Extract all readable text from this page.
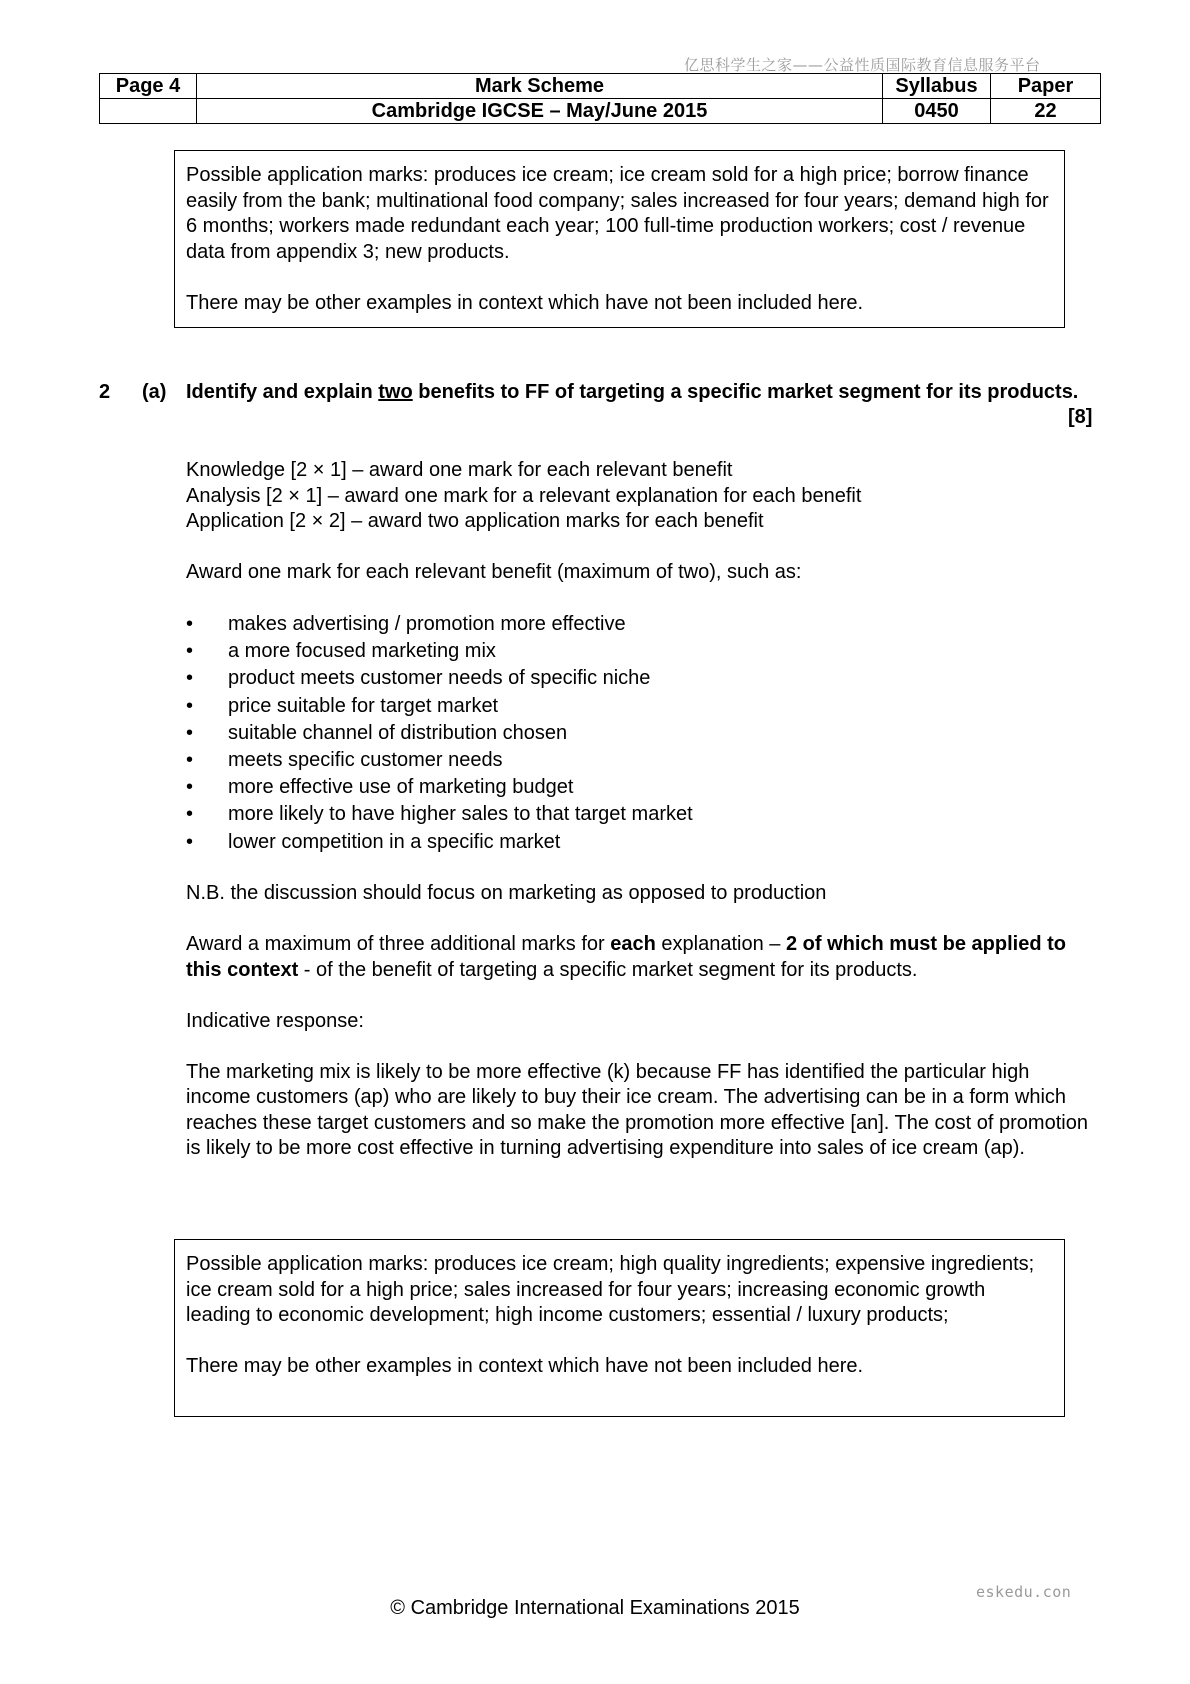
亿思科学生之家——公益性质国际教育信息服务平台
Page 4	Mark Scheme	Syllabus	Paper
	Cambridge IGCSE – May/June 2015	0450	22

Possible application marks: produces ice cream; ice cream sold for a high price; borrow finance easily from the bank; multinational food company; sales increased for four years; demand high for 6 months; workers made redundant each year; 100 full-time production workers; cost / revenue data from appendix 3; new products.

There may be other examples in context which have not been included here.

2 (a) Identify and explain two benefits to FF of targeting a specific market segment for its products.
[8]

Knowledge [2 × 1] – award one mark for each relevant benefit

Analysis [2 × 1] – award one mark for a relevant explanation for each benefit

Application [2 × 2] – award two application marks for each benefit

Award one mark for each relevant benefit (maximum of two), such as:

• makes advertising / promotion more effective
• a more focused marketing mix
• product meets customer needs of specific niche
• price suitable for target market
• suitable channel of distribution chosen
• meets specific customer needs
• more effective use of marketing budget
• more likely to have higher sales to that target market
• lower competition in a specific market

N.B. the discussion should focus on marketing as opposed to production

Award a maximum of three additional marks for each explanation – 2 of which must be applied to this context - of the benefit of targeting a specific market segment for its products.

Indicative response:

The marketing mix is likely to be more effective (k) because FF has identified the particular high income customers (ap) who are likely to buy their ice cream. The advertising can be in a form which reaches these target customers and so make the promotion more effective [an]. The cost of promotion is likely to be more cost effective in turning advertising expenditure into sales of ice cream (ap).

Possible application marks: produces ice cream; high quality ingredients; expensive ingredients; ice cream sold for a high price; sales increased for four years; increasing economic growth leading to economic development; high income customers; essential / luxury products;

There may be other examples in context which have not been included here.

eskedu.con
© Cambridge International Examinations 2015
